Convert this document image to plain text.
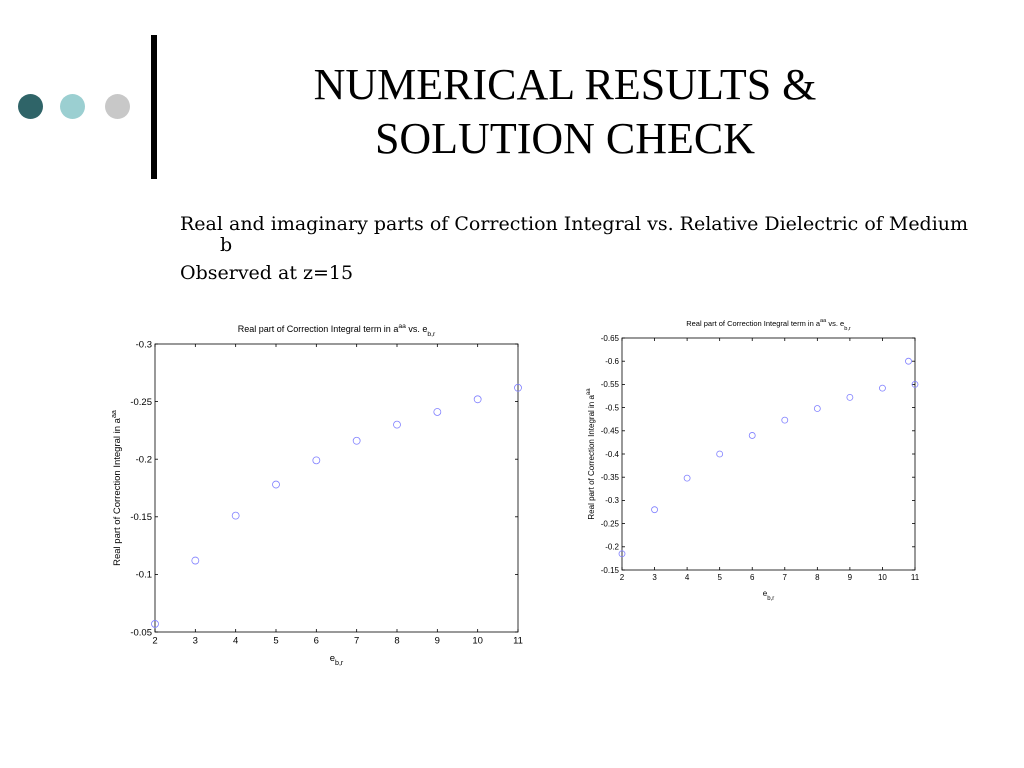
NUMERICAL RESULTS &
SOLUTION CHECK

Real and imaginary parts of Correction Integral vs. Relative Dielectric of Medium b

Observed at z=15

2	3	4	5	6	7	8	9	10	11
-0.3
-0.25
-0.2
-0.15
-0.1
-0.05
Real part of Correction Integral term in $a^{aa}$ vs. $e_{b,r}$
$e_{b,r}$
Real part of Correction Integral in $a^{aa}$
2	3	4	5	6	7	8	9	10	11
-0.65
-0.6
-0.55
-0.5
-0.45
-0.4
-0.35
-0.3
-0.25
-0.2
-0.15
Real part of Correction Integral term in $a^{aa}$ vs. $e_{b,r}$
$e_{b,r}$
Real part of Correction Integral in $a^{aa}$
